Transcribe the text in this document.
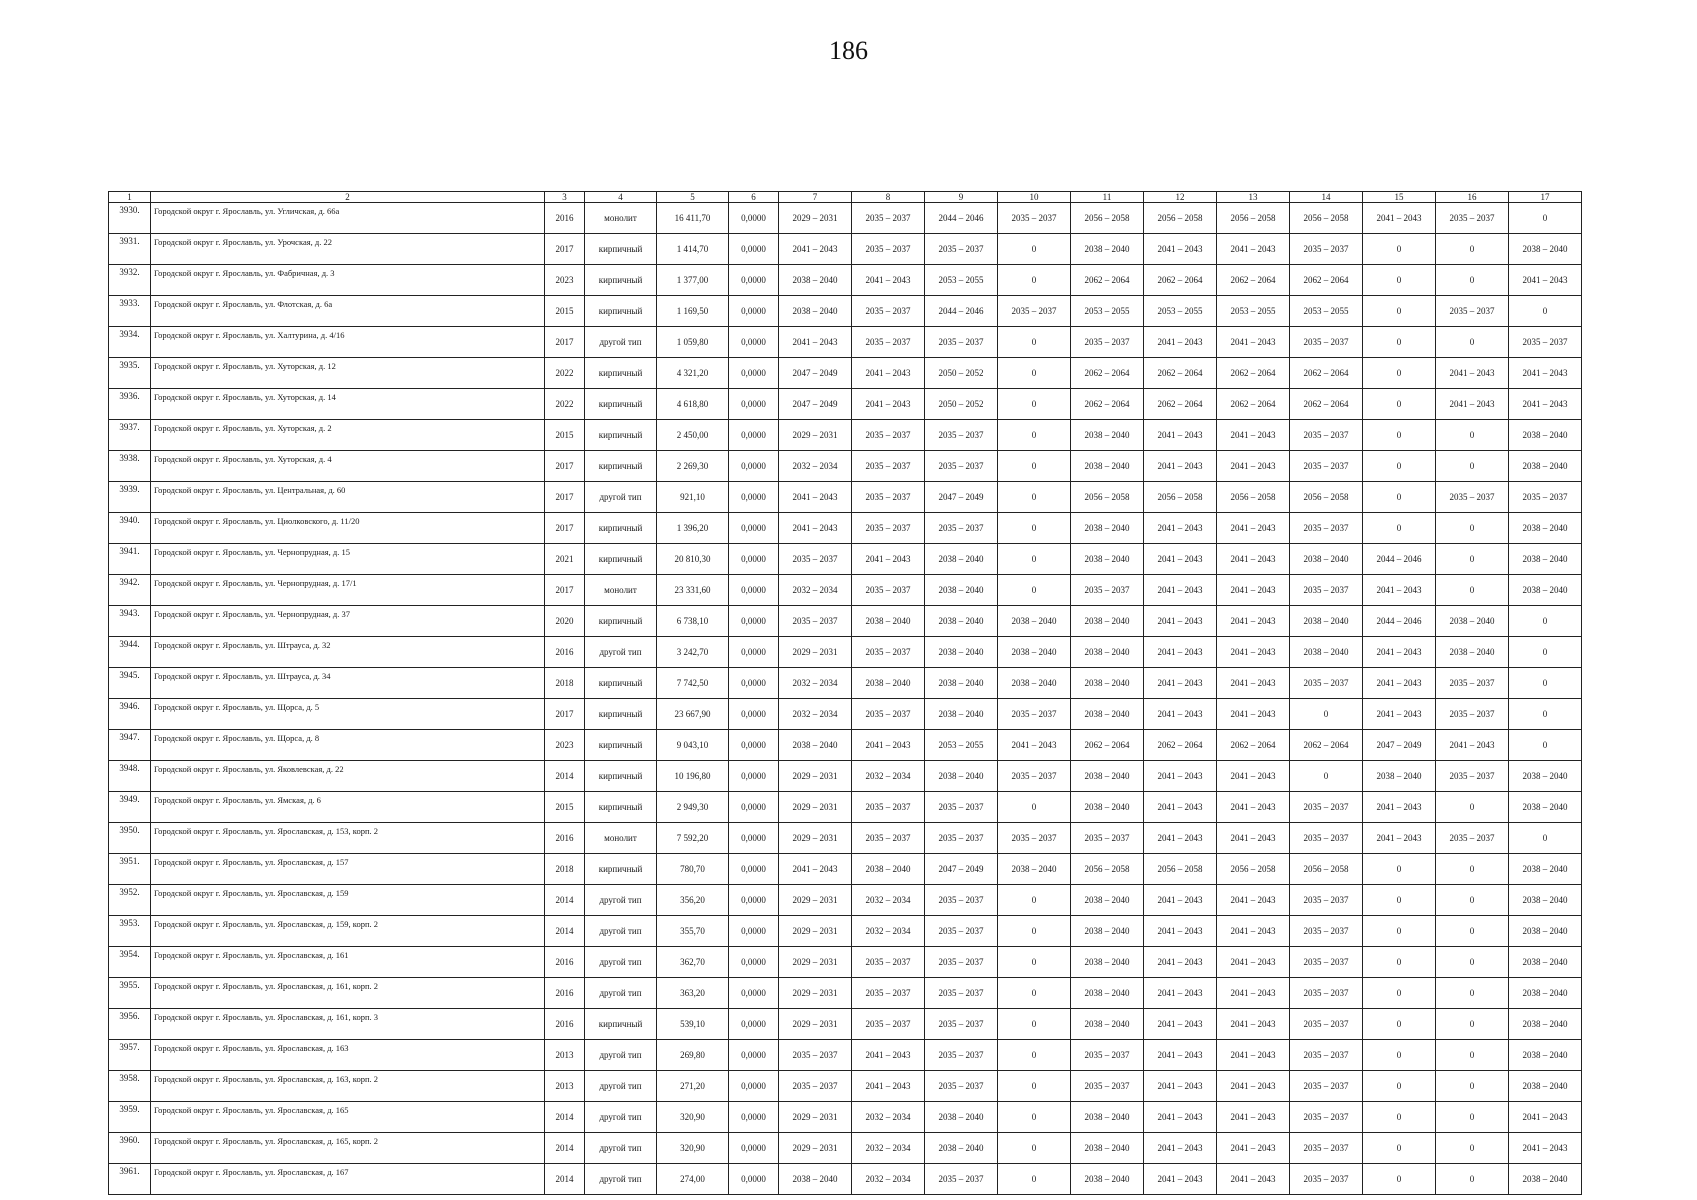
186
1	2	3	4	5	6	7	8	9	10	11	12	13	14	15	16	17
3930.	Городской округ г. Ярославль, ул. Угличская, д. 66а	2016	монолит	16 411,70	0,0000	2029 – 2031	2035 – 2037	2044 – 2046	2035 – 2037	2056 – 2058	2056 – 2058	2056 – 2058	2056 – 2058	2041 – 2043	2035 – 2037	0
3931.	Городской округ г. Ярославль, ул. Урочская, д. 22	2017	кирпичный	1 414,70	0,0000	2041 – 2043	2035 – 2037	2035 – 2037	0	2038 – 2040	2041 – 2043	2041 – 2043	2035 – 2037	0	0	2038 – 2040
3932.	Городской округ г. Ярославль, ул. Фабричная, д. 3	2023	кирпичный	1 377,00	0,0000	2038 – 2040	2041 – 2043	2053 – 2055	0	2062 – 2064	2062 – 2064	2062 – 2064	2062 – 2064	0	0	2041 – 2043
3933.	Городской округ г. Ярославль, ул. Флотская, д. 6а	2015	кирпичный	1 169,50	0,0000	2038 – 2040	2035 – 2037	2044 – 2046	2035 – 2037	2053 – 2055	2053 – 2055	2053 – 2055	2053 – 2055	0	2035 – 2037	0
3934.	Городской округ г. Ярославль, ул. Халтурина, д. 4/16	2017	другой тип	1 059,80	0,0000	2041 – 2043	2035 – 2037	2035 – 2037	0	2035 – 2037	2041 – 2043	2041 – 2043	2035 – 2037	0	0	2035 – 2037
3935.	Городской округ г. Ярославль, ул. Хуторская, д. 12	2022	кирпичный	4 321,20	0,0000	2047 – 2049	2041 – 2043	2050 – 2052	0	2062 – 2064	2062 – 2064	2062 – 2064	2062 – 2064	0	2041 – 2043	2041 – 2043
3936.	Городской округ г. Ярославль, ул. Хуторская, д. 14	2022	кирпичный	4 618,80	0,0000	2047 – 2049	2041 – 2043	2050 – 2052	0	2062 – 2064	2062 – 2064	2062 – 2064	2062 – 2064	0	2041 – 2043	2041 – 2043
3937.	Городской округ г. Ярославль, ул. Хуторская, д. 2	2015	кирпичный	2 450,00	0,0000	2029 – 2031	2035 – 2037	2035 – 2037	0	2038 – 2040	2041 – 2043	2041 – 2043	2035 – 2037	0	0	2038 – 2040
3938.	Городской округ г. Ярославль, ул. Хуторская, д. 4	2017	кирпичный	2 269,30	0,0000	2032 – 2034	2035 – 2037	2035 – 2037	0	2038 – 2040	2041 – 2043	2041 – 2043	2035 – 2037	0	0	2038 – 2040
3939.	Городской округ г. Ярославль, ул. Центральная, д. 60	2017	другой тип	921,10	0,0000	2041 – 2043	2035 – 2037	2047 – 2049	0	2056 – 2058	2056 – 2058	2056 – 2058	2056 – 2058	0	2035 – 2037	2035 – 2037
3940.	Городской округ г. Ярославль, ул. Циолковского, д. 11/20	2017	кирпичный	1 396,20	0,0000	2041 – 2043	2035 – 2037	2035 – 2037	0	2038 – 2040	2041 – 2043	2041 – 2043	2035 – 2037	0	0	2038 – 2040
3941.	Городской округ г. Ярославль, ул. Чернопрудная, д. 15	2021	кирпичный	20 810,30	0,0000	2035 – 2037	2041 – 2043	2038 – 2040	0	2038 – 2040	2041 – 2043	2041 – 2043	2038 – 2040	2044 – 2046	0	2038 – 2040
3942.	Городской округ г. Ярославль, ул. Чернопрудная, д. 17/1	2017	монолит	23 331,60	0,0000	2032 – 2034	2035 – 2037	2038 – 2040	0	2035 – 2037	2041 – 2043	2041 – 2043	2035 – 2037	2041 – 2043	0	2038 – 2040
3943.	Городской округ г. Ярославль, ул. Чернопрудная, д. 37	2020	кирпичный	6 738,10	0,0000	2035 – 2037	2038 – 2040	2038 – 2040	2038 – 2040	2038 – 2040	2041 – 2043	2041 – 2043	2038 – 2040	2044 – 2046	2038 – 2040	0
3944.	Городской округ г. Ярославль, ул. Штрауса, д. 32	2016	другой тип	3 242,70	0,0000	2029 – 2031	2035 – 2037	2038 – 2040	2038 – 2040	2038 – 2040	2041 – 2043	2041 – 2043	2038 – 2040	2041 – 2043	2038 – 2040	0
3945.	Городской округ г. Ярославль, ул. Штрауса, д. 34	2018	кирпичный	7 742,50	0,0000	2032 – 2034	2038 – 2040	2038 – 2040	2038 – 2040	2038 – 2040	2041 – 2043	2041 – 2043	2035 – 2037	2041 – 2043	2035 – 2037	0
3946.	Городской округ г. Ярославль, ул. Щорса, д. 5	2017	кирпичный	23 667,90	0,0000	2032 – 2034	2035 – 2037	2038 – 2040	2035 – 2037	2038 – 2040	2041 – 2043	2041 – 2043	0	2041 – 2043	2035 – 2037	0
3947.	Городской округ г. Ярославль, ул. Щорса, д. 8	2023	кирпичный	9 043,10	0,0000	2038 – 2040	2041 – 2043	2053 – 2055	2041 – 2043	2062 – 2064	2062 – 2064	2062 – 2064	2062 – 2064	2047 – 2049	2041 – 2043	0
3948.	Городской округ г. Ярославль, ул. Яковлевская, д. 22	2014	кирпичный	10 196,80	0,0000	2029 – 2031	2032 – 2034	2038 – 2040	2035 – 2037	2038 – 2040	2041 – 2043	2041 – 2043	0	2038 – 2040	2035 – 2037	2038 – 2040
3949.	Городской округ г. Ярославль, ул. Ямская, д. 6	2015	кирпичный	2 949,30	0,0000	2029 – 2031	2035 – 2037	2035 – 2037	0	2038 – 2040	2041 – 2043	2041 – 2043	2035 – 2037	2041 – 2043	0	2038 – 2040
3950.	Городской округ г. Ярославль, ул. Ярославская, д. 153, корп. 2	2016	монолит	7 592,20	0,0000	2029 – 2031	2035 – 2037	2035 – 2037	2035 – 2037	2035 – 2037	2041 – 2043	2041 – 2043	2035 – 2037	2041 – 2043	2035 – 2037	0
3951.	Городской округ г. Ярославль, ул. Ярославская, д. 157	2018	кирпичный	780,70	0,0000	2041 – 2043	2038 – 2040	2047 – 2049	2038 – 2040	2056 – 2058	2056 – 2058	2056 – 2058	2056 – 2058	0	0	2038 – 2040
3952.	Городской округ г. Ярославль, ул. Ярославская, д. 159	2014	другой тип	356,20	0,0000	2029 – 2031	2032 – 2034	2035 – 2037	0	2038 – 2040	2041 – 2043	2041 – 2043	2035 – 2037	0	0	2038 – 2040
3953.	Городской округ г. Ярославль, ул. Ярославская, д. 159, корп. 2	2014	другой тип	355,70	0,0000	2029 – 2031	2032 – 2034	2035 – 2037	0	2038 – 2040	2041 – 2043	2041 – 2043	2035 – 2037	0	0	2038 – 2040
3954.	Городской округ г. Ярославль, ул. Ярославская, д. 161	2016	другой тип	362,70	0,0000	2029 – 2031	2035 – 2037	2035 – 2037	0	2038 – 2040	2041 – 2043	2041 – 2043	2035 – 2037	0	0	2038 – 2040
3955.	Городской округ г. Ярославль, ул. Ярославская, д. 161, корп. 2	2016	другой тип	363,20	0,0000	2029 – 2031	2035 – 2037	2035 – 2037	0	2038 – 2040	2041 – 2043	2041 – 2043	2035 – 2037	0	0	2038 – 2040
3956.	Городской округ г. Ярославль, ул. Ярославская, д. 161, корп. 3	2016	кирпичный	539,10	0,0000	2029 – 2031	2035 – 2037	2035 – 2037	0	2038 – 2040	2041 – 2043	2041 – 2043	2035 – 2037	0	0	2038 – 2040
3957.	Городской округ г. Ярославль, ул. Ярославская, д. 163	2013	другой тип	269,80	0,0000	2035 – 2037	2041 – 2043	2035 – 2037	0	2035 – 2037	2041 – 2043	2041 – 2043	2035 – 2037	0	0	2038 – 2040
3958.	Городской округ г. Ярославль, ул. Ярославская, д. 163, корп. 2	2013	другой тип	271,20	0,0000	2035 – 2037	2041 – 2043	2035 – 2037	0	2035 – 2037	2041 – 2043	2041 – 2043	2035 – 2037	0	0	2038 – 2040
3959.	Городской округ г. Ярославль, ул. Ярославская, д. 165	2014	другой тип	320,90	0,0000	2029 – 2031	2032 – 2034	2038 – 2040	0	2038 – 2040	2041 – 2043	2041 – 2043	2035 – 2037	0	0	2041 – 2043
3960.	Городской округ г. Ярославль, ул. Ярославская, д. 165, корп. 2	2014	другой тип	320,90	0,0000	2029 – 2031	2032 – 2034	2038 – 2040	0	2038 – 2040	2041 – 2043	2041 – 2043	2035 – 2037	0	0	2041 – 2043
3961.	Городской округ г. Ярославль, ул. Ярославская, д. 167	2014	другой тип	274,00	0,0000	2038 – 2040	2032 – 2034	2035 – 2037	0	2038 – 2040	2041 – 2043	2041 – 2043	2035 – 2037	0	0	2038 – 2040
